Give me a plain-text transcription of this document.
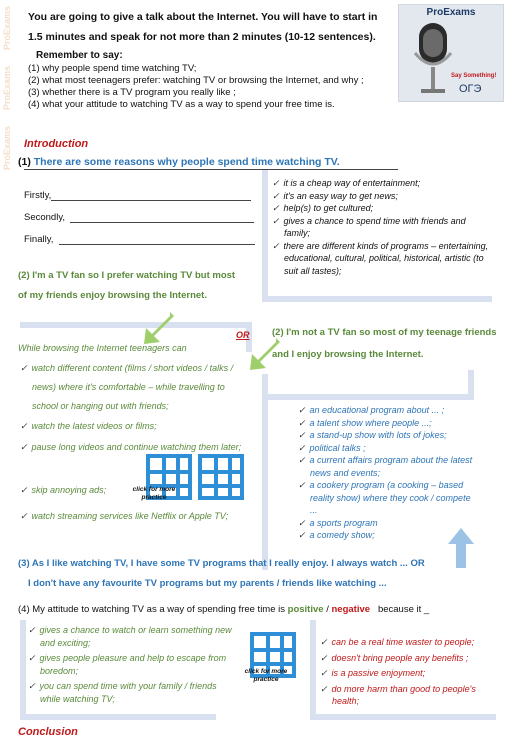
ProExams
ProExams
ProExams
You are going to give a talk about the Internet. You will have to start in
1.5 minutes and speak for not more than 2 minutes (10-12 sentences).
Remember to say:
(1) why people spend time watching TV;
(2) what most teenagers prefer: watching TV or browsing the Internet, and why ;
(3) whether there is a TV program you really like ;
(4) what your attitude to watching TV as a way to spend your free time is.
ProExams
Say Something!
ОГЭ
Introduction
(1) There are some reasons why people spend time watching TV.
Firstly,
Secondly,
Finally,
✓ it is a cheap way of entertainment;
✓ it's an easy way to get news;
✓ help(s) to get cultured;
✓ gives a chance to spend time with friends and family;
✓ there are different kinds of programs – entertaining, educational, cultural, political, historical, artistic (to suit all tastes);
(2) I'm a TV fan so I prefer watching TV but most of my friends enjoy browsing the Internet.
OR (2) I'm not a TV fan so most of my teenage friends and I enjoy browsing the Internet.
While browsing the Internet teenagers can
✓ watch different content (films / short videos / talks / news) where it's comfortable – while travelling to school or hanging out with friends;
✓ watch the latest videos or films;
✓ pause long videos and continue watching them later;
✓ skip annoying ads;
✓ watch streaming services like Netflix or Apple TV;
click for more practice
✓ an educational program about ... ;
✓ a talent show where people ...;
✓ a stand-up show with lots of jokes;
✓ political talks ;
✓ a current affairs program about the latest news and events;
✓ a cookery program (a cooking – based reality show) where they cook / compete ...
✓ a sports program
✓ a comedy show;
(3) As I like watching TV, I have some TV programs that I really enjoy. I always watch ... OR
I don't have any favourite TV programs but my parents / friends like watching ...
(4) My attitude to watching TV as a way of spending free time is positive / negative because it _
✓ gives a chance to watch or learn something new and exciting;
✓ gives people pleasure and help to escape from boredom;
✓ you can spend time with your family / friends while watching TV;
click for more practice
✓ can be a real time waster to people;
✓ doesn't bring people any benefits ;
✓ is a passive enjoyment;
✓ do more harm than good to people's health;
Conclusion
